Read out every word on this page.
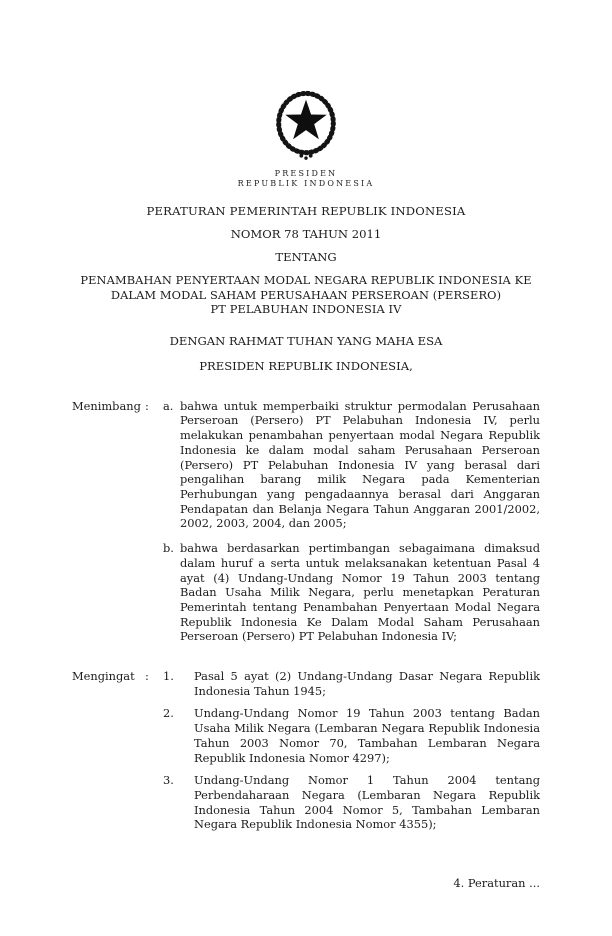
PRESIDEN
REPUBLIK INDONESIA
PERATURAN PEMERINTAH REPUBLIK INDONESIA
NOMOR 78 TAHUN 2011
TENTANG
PENAMBAHAN PENYERTAAN MODAL NEGARA REPUBLIK INDONESIA KE
DALAM MODAL SAHAM PERUSAHAAN PERSEROAN (PERSERO)
PT PELABUHAN INDONESIA IV
DENGAN RAHMAT TUHAN YANG MAHA ESA
PRESIDEN REPUBLIK INDONESIA,
Menimbang :	a. bahwa untuk memperbaiki struktur permodalan Perusahaan Perseroan (Persero) PT Pelabuhan Indonesia IV, perlu melakukan penambahan penyertaan modal Negara Republik Indonesia ke dalam modal saham Perusahaan Perseroan (Persero) PT Pelabuhan Indonesia IV yang berasal dari pengalihan barang milik Negara pada Kementerian Perhubungan yang pengadaannya berasal dari Anggaran Pendapatan dan Belanja Negara Tahun Anggaran 2001/2002, 2002, 2003, 2004, dan 2005;
b. bahwa berdasarkan pertimbangan sebagaimana dimaksud dalam huruf a serta untuk melaksanakan ketentuan Pasal 4 ayat (4) Undang-Undang Nomor 19 Tahun 2003 tentang Badan Usaha Milik Negara, perlu menetapkan Peraturan Pemerintah tentang Penambahan Penyertaan Modal Negara Republik Indonesia Ke Dalam Modal Saham Perusahaan Perseroan (Persero) PT Pelabuhan Indonesia IV;
Mengingat :	1.	Pasal 5 ayat (2) Undang-Undang Dasar Negara Republik Indonesia Tahun 1945;
2.	Undang-Undang Nomor 19 Tahun 2003 tentang Badan Usaha Milik Negara (Lembaran Negara Republik Indonesia Tahun 2003 Nomor 70, Tambahan Lembaran Negara Republik Indonesia Nomor 4297);
3.	Undang-Undang Nomor 1 Tahun 2004 tentang Perbendaharaan Negara (Lembaran Negara Republik Indonesia Tahun 2004 Nomor 5, Tambahan Lembaran Negara Republik Indonesia Nomor 4355);
4. Peraturan ...
